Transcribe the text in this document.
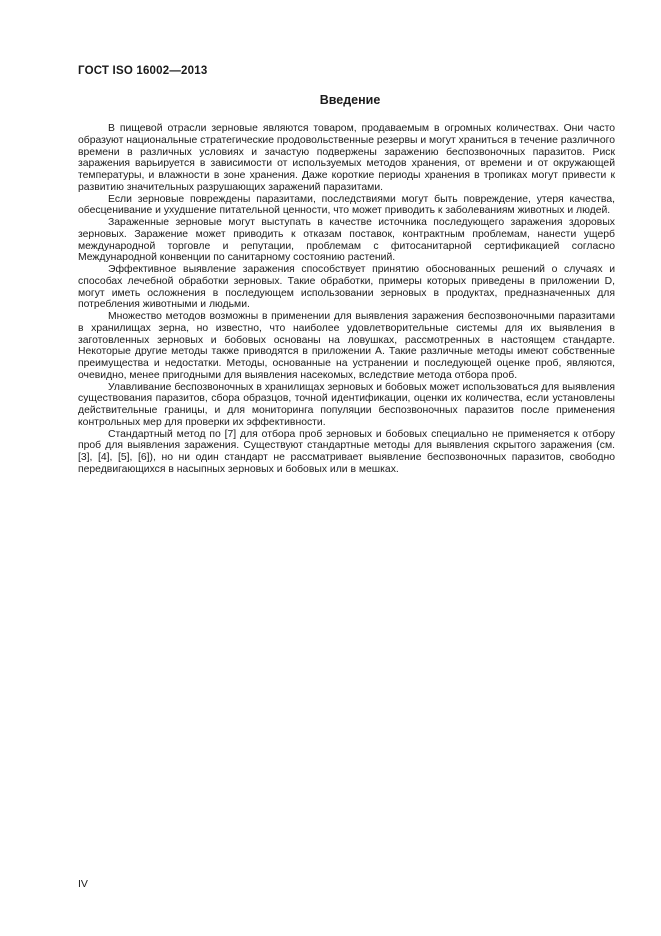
ГОСТ ISO 16002—2013
Введение

В пищевой отрасли зерновые являются товаром, продаваемым в огромных количествах. Они часто образуют национальные стратегические продовольственные резервы и могут храниться в течение различного времени в различных условиях и зачастую подвержены заражению беспозвоночных паразитов. Риск заражения варьируется в зависимости от используемых методов хранения, от времени и от окружающей температуры, и влажности в зоне хранения. Даже короткие периоды хранения в тропиках могут привести к развитию значительных разрушающих заражений паразитами.

Если зерновые повреждены паразитами, последствиями могут быть повреждение, утеря качества, обесценивание и ухудшение питательной ценности, что может приводить к заболеваниям животных и людей.

Зараженные зерновые могут выступать в качестве источника последующего заражения здоровых зерновых. Заражение может приводить к отказам поставок, контрактным проблемам, нанести ущерб международной торговле и репутации, проблемам с фитосанитарной сертификацией согласно Международной конвенции по санитарному состоянию растений.

Эффективное выявление заражения способствует принятию обоснованных решений о случаях и способах лечебной обработки зерновых. Такие обработки, примеры которых приведены в приложении D, могут иметь осложнения в последующем использовании зерновых в продуктах, предназначенных для потребления животными и людьми.

Множество методов возможны в применении для выявления заражения беспозвоночными паразитами в хранилищах зерна, но известно, что наиболее удовлетворительные системы для их выявления в заготовленных зерновых и бобовых основаны на ловушках, рассмотренных в настоящем стандарте. Некоторые другие методы также приводятся в приложении А. Такие различные методы имеют собственные преимущества и недостатки. Методы, основанные на устранении и последующей оценке проб, являются, очевидно, менее пригодными для выявления насекомых, вследствие метода отбора проб.

Улавливание беспозвоночных в хранилищах зерновых и бобовых может использоваться для выявления существования паразитов, сбора образцов, точной идентификации, оценки их количества, если установлены действительные границы, и для мониторинга популяции беспозвоночных паразитов после применения контрольных мер для проверки их эффективности.

Стандартный метод по [7] для отбора проб зерновых и бобовых специально не применяется к отбору проб для выявления заражения. Существуют стандартные методы для выявления скрытого заражения (см. [3], [4], [5], [6]), но ни один стандарт не рассматривает выявление беспозвоночных паразитов, свободно передвигающихся в насыпных зерновых и бобовых или в мешках.

IV
